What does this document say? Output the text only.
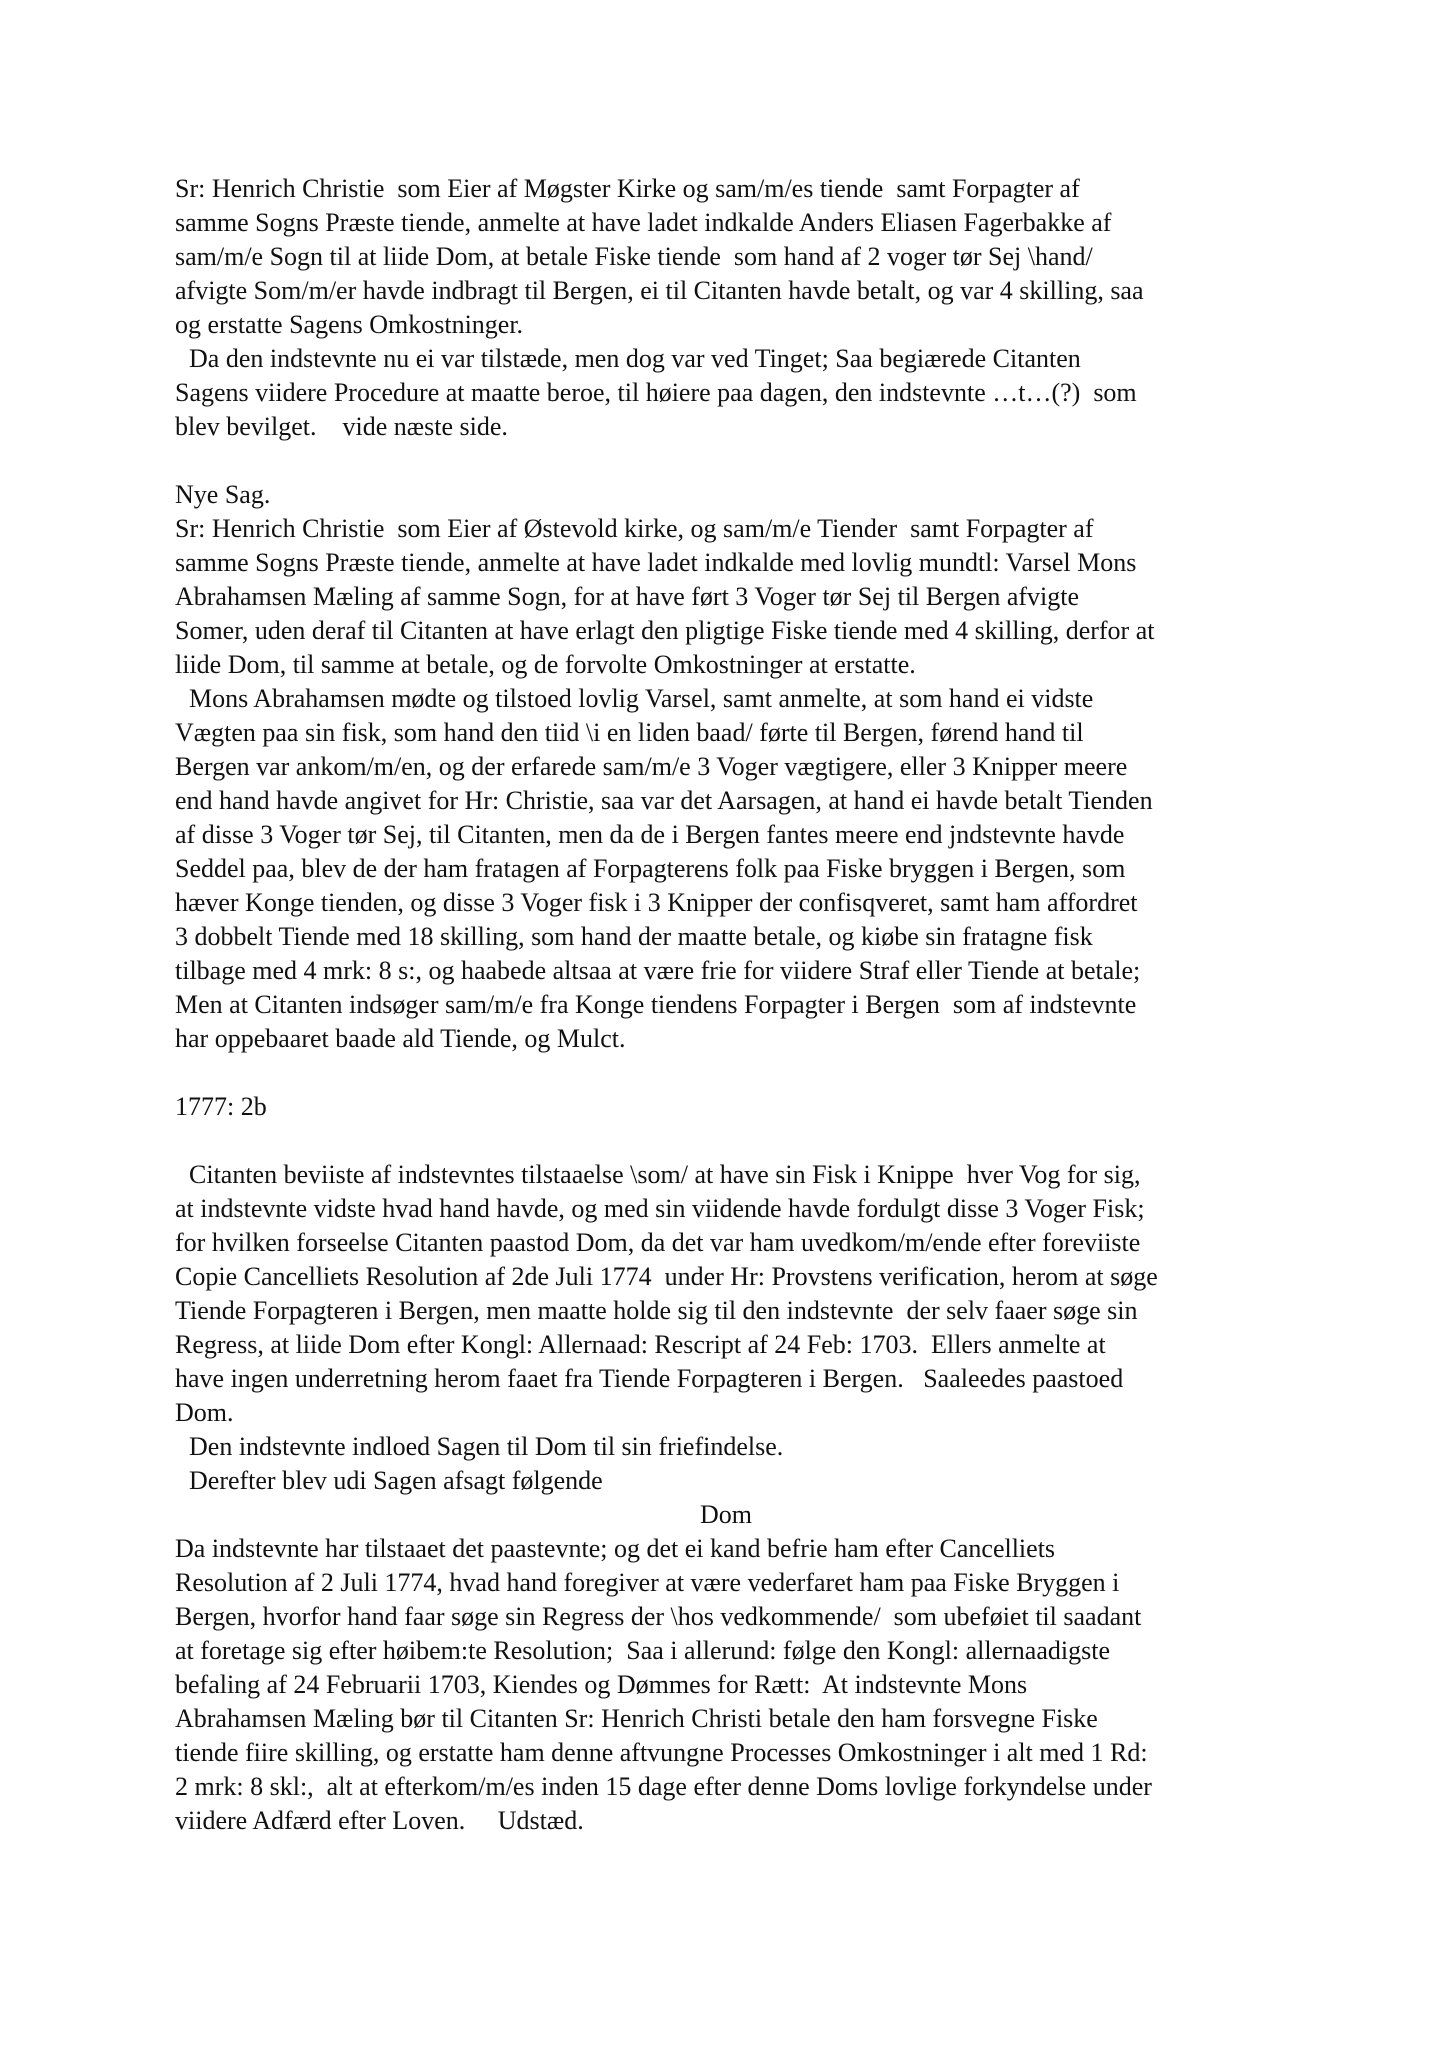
Sr: Henrich Christie  som Eier af Møgster Kirke og sam/m/es tiende  samt Forpagter af
samme Sogns Præste tiende, anmelte at have ladet indkalde Anders Eliasen Fagerbakke af
sam/m/e Sogn til at liide Dom, at betale Fiske tiende  som hand af 2 voger tør Sej \hand/
afvigte Som/m/er havde indbragt til Bergen, ei til Citanten havde betalt, og var 4 skilling, saa
og erstatte Sagens Omkostninger.
Da den indstevnte nu ei var tilstæde, men dog var ved Tinget; Saa begiærede Citanten
Sagens viidere Procedure at maatte beroe, til høiere paa dagen, den indstevnte …t…(?)  som
blev bevilget.    vide næste side.
Nye Sag.
Sr: Henrich Christie  som Eier af Østevold kirke, og sam/m/e Tiender  samt Forpagter af
samme Sogns Præste tiende, anmelte at have ladet indkalde med lovlig mundtl: Varsel Mons
Abrahamsen Mæling af samme Sogn, for at have ført 3 Voger tør Sej til Bergen afvigte
Somer, uden deraf til Citanten at have erlagt den pligtige Fiske tiende med 4 skilling, derfor at
liide Dom, til samme at betale, og de forvolte Omkostninger at erstatte.
Mons Abrahamsen mødte og tilstoed lovlig Varsel, samt anmelte, at som hand ei vidste
Vægten paa sin fisk, som hand den tiid \i en liden baad/ førte til Bergen, førend hand til
Bergen var ankom/m/en, og der erfarede sam/m/e 3 Voger vægtigere, eller 3 Knipper meere
end hand havde angivet for Hr: Christie, saa var det Aarsagen, at hand ei havde betalt Tienden
af disse 3 Voger tør Sej, til Citanten, men da de i Bergen fantes meere end jndstevnte havde
Seddel paa, blev de der ham fratagen af Forpagterens folk paa Fiske bryggen i Bergen, som
hæver Konge tienden, og disse 3 Voger fisk i 3 Knipper der confisqveret, samt ham affordret
3 dobbelt Tiende med 18 skilling, som hand der maatte betale, og kiøbe sin fratagne fisk
tilbage med 4 mrk: 8 s:, og haabede altsaa at være frie for viidere Straf eller Tiende at betale;
Men at Citanten indsøger sam/m/e fra Konge tiendens Forpagter i Bergen  som af indstevnte
har oppebaaret baade ald Tiende, og Mulct.
1777: 2b
Citanten beviiste af indstevntes tilstaaelse \som/ at have sin Fisk i Knippe  hver Vog for sig,
at indstevnte vidste hvad hand havde, og med sin viidende havde fordulgt disse 3 Voger Fisk;
for hvilken forseelse Citanten paastod Dom, da det var ham uvedkom/m/ende efter foreviiste
Copie Cancelliets Resolution af 2de Juli 1774  under Hr: Provstens verification, herom at søge
Tiende Forpagteren i Bergen, men maatte holde sig til den indstevnte  der selv faaer søge sin
Regress, at liide Dom efter Kongl: Allernaad: Rescript af 24 Feb: 1703.  Ellers anmelte at
have ingen underretning herom faaet fra Tiende Forpagteren i Bergen.   Saaleedes paastoed
Dom.
Den indstevnte indloed Sagen til Dom til sin friefindelse.
Derefter blev udi Sagen afsagt følgende
Dom
Da indstevnte har tilstaaet det paastevnte; og det ei kand befrie ham efter Cancelliets
Resolution af 2 Juli 1774, hvad hand foregiver at være vederfaret ham paa Fiske Bryggen i
Bergen, hvorfor hand faar søge sin Regress der \hos vedkommende/  som ubeføiet til saadant
at foretage sig efter høibem:te Resolution;  Saa i allerund: følge den Kongl: allernaadigste
befaling af 24 Februarii 1703, Kiendes og Dømmes for Rætt:  At indstevnte Mons
Abrahamsen Mæling bør til Citanten Sr: Henrich Christi betale den ham forsvegne Fiske
tiende fiire skilling, og erstatte ham denne aftvungne Processes Omkostninger i alt med 1 Rd:
2 mrk: 8 skl:,  alt at efterkom/m/es inden 15 dage efter denne Doms lovlige forkyndelse under
viidere Adfærd efter Loven.     Udstæd.
